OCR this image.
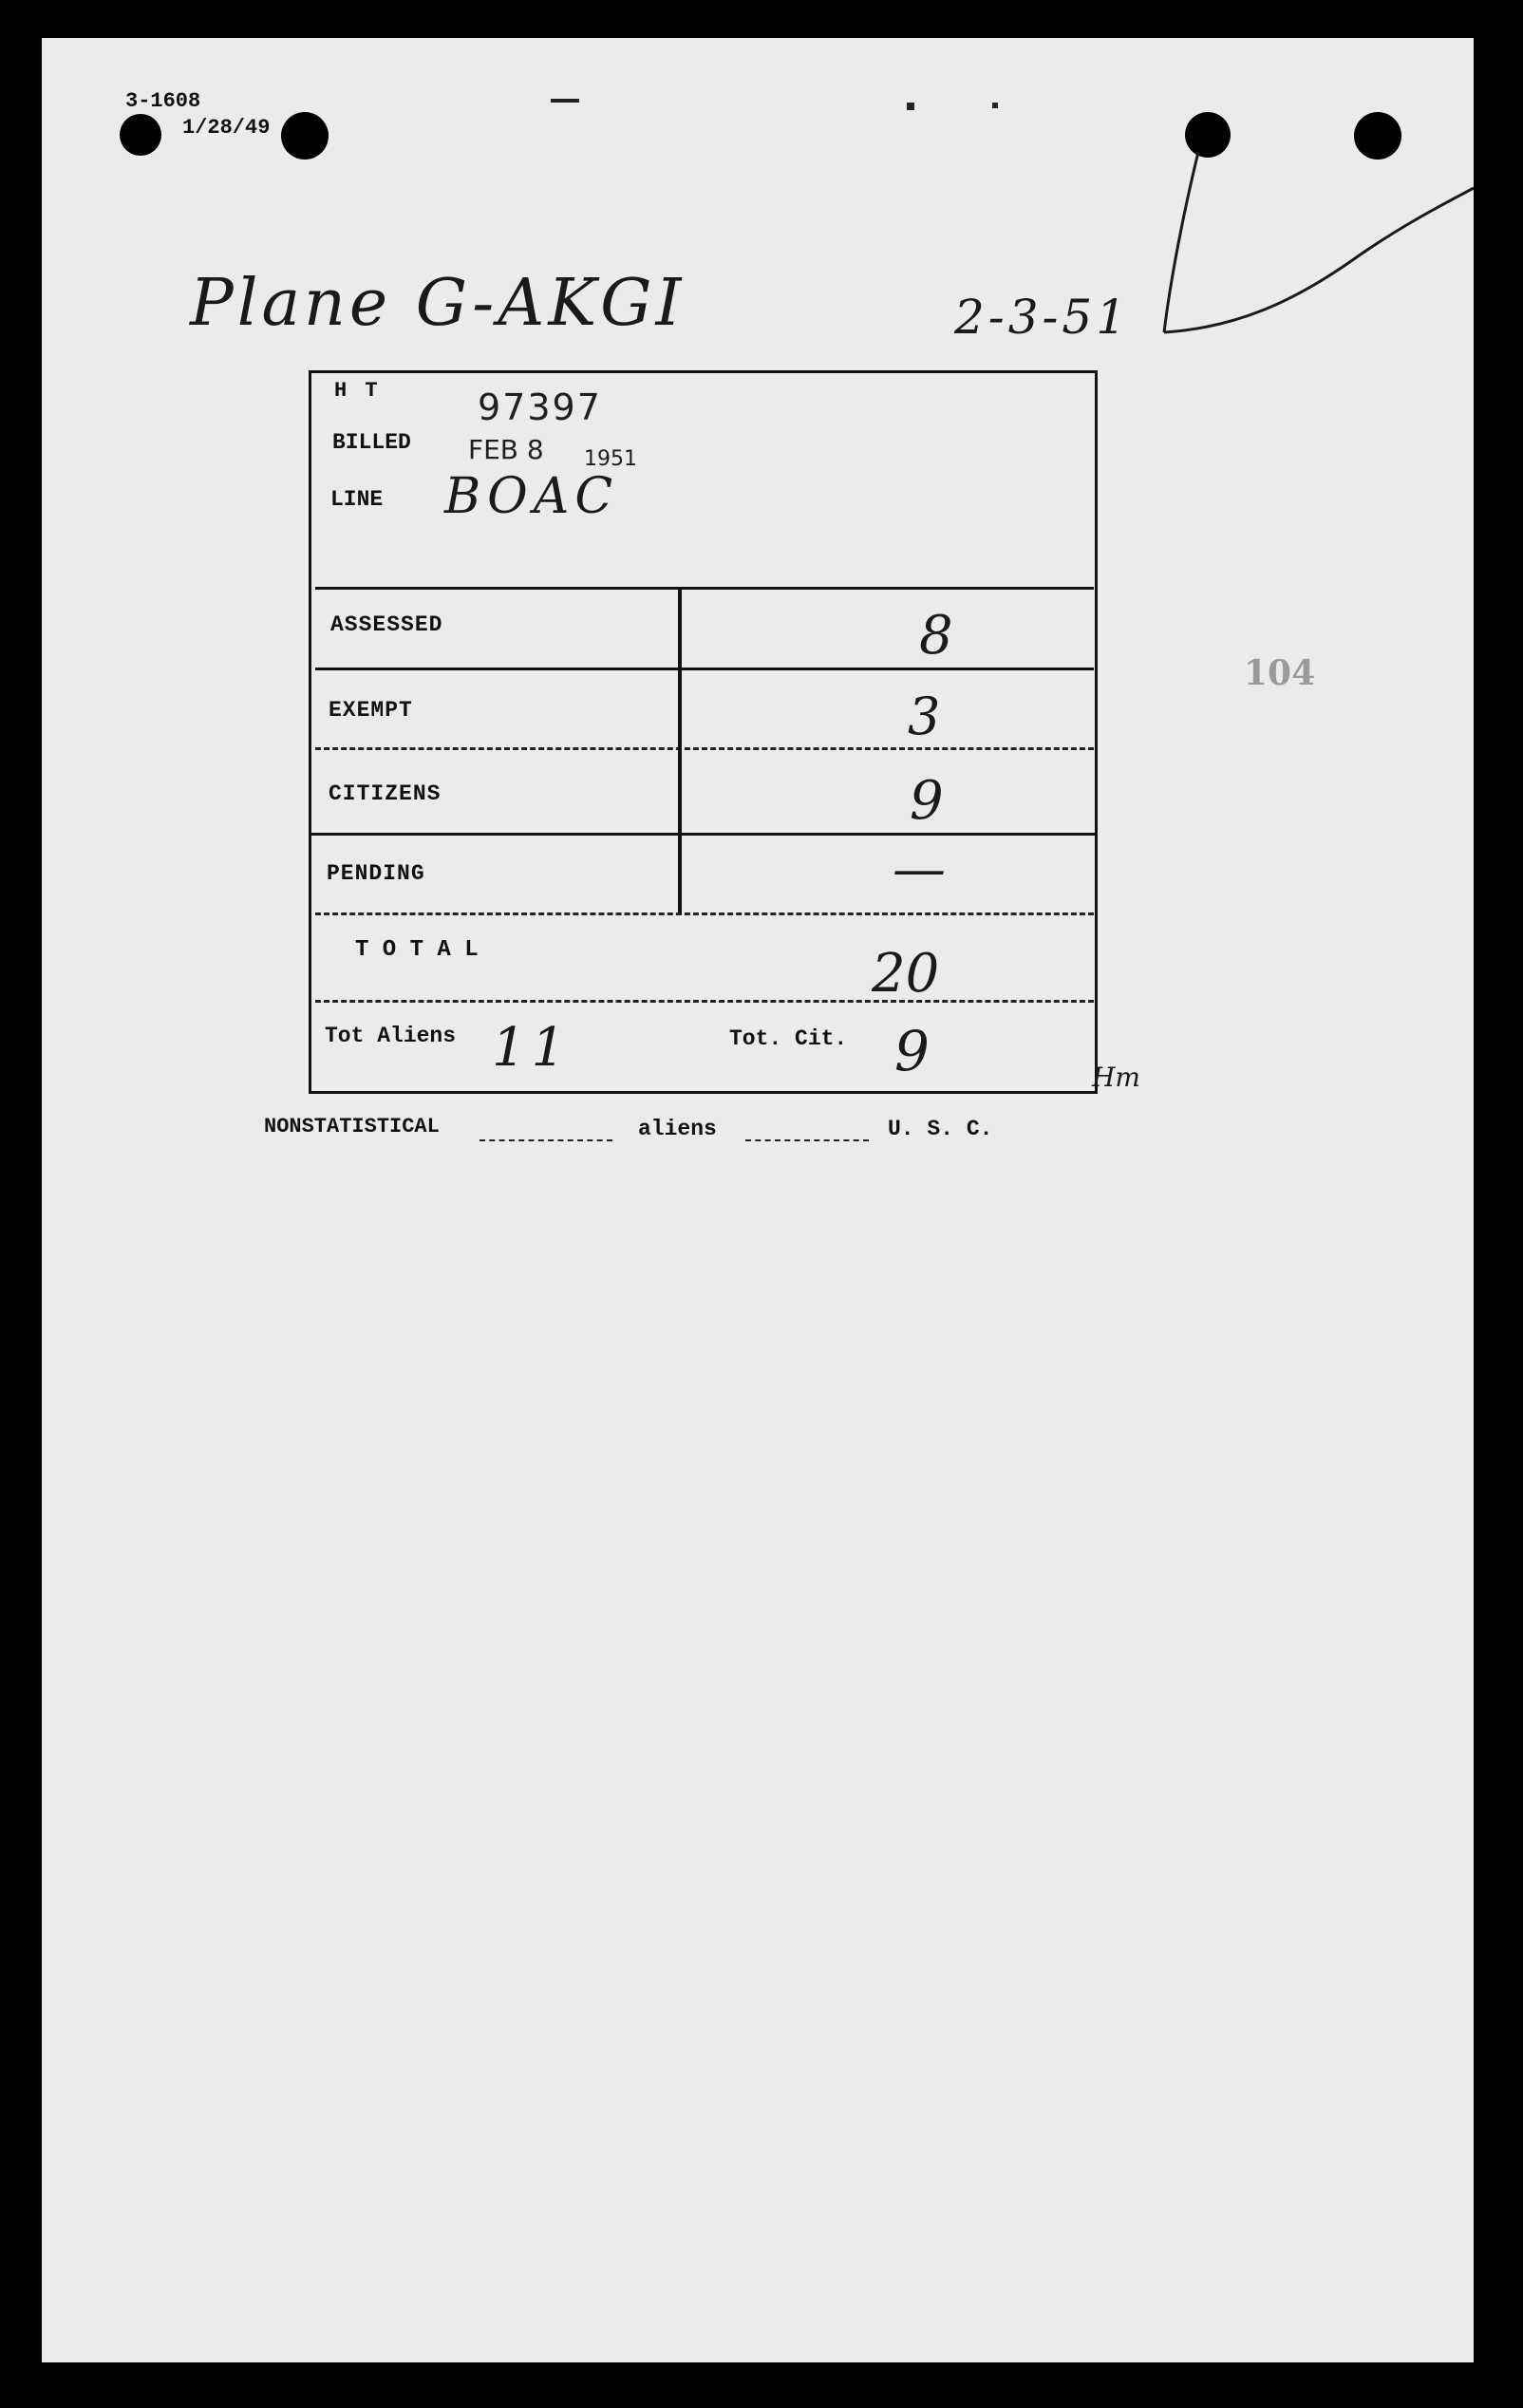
3-1608
1/28/49
Plane G-AKGI	2-3-51
H T	97397
BILLED FEB 8 1951
LINE BOAC
ASSESSED	8
EXEMPT	3
CITIZENS	9
PENDING	—
T O T A L	20
Tot Aliens 11	Tot. Cit. 9	Hm
104
NONSTATISTICAL	aliens	U. S. C.
